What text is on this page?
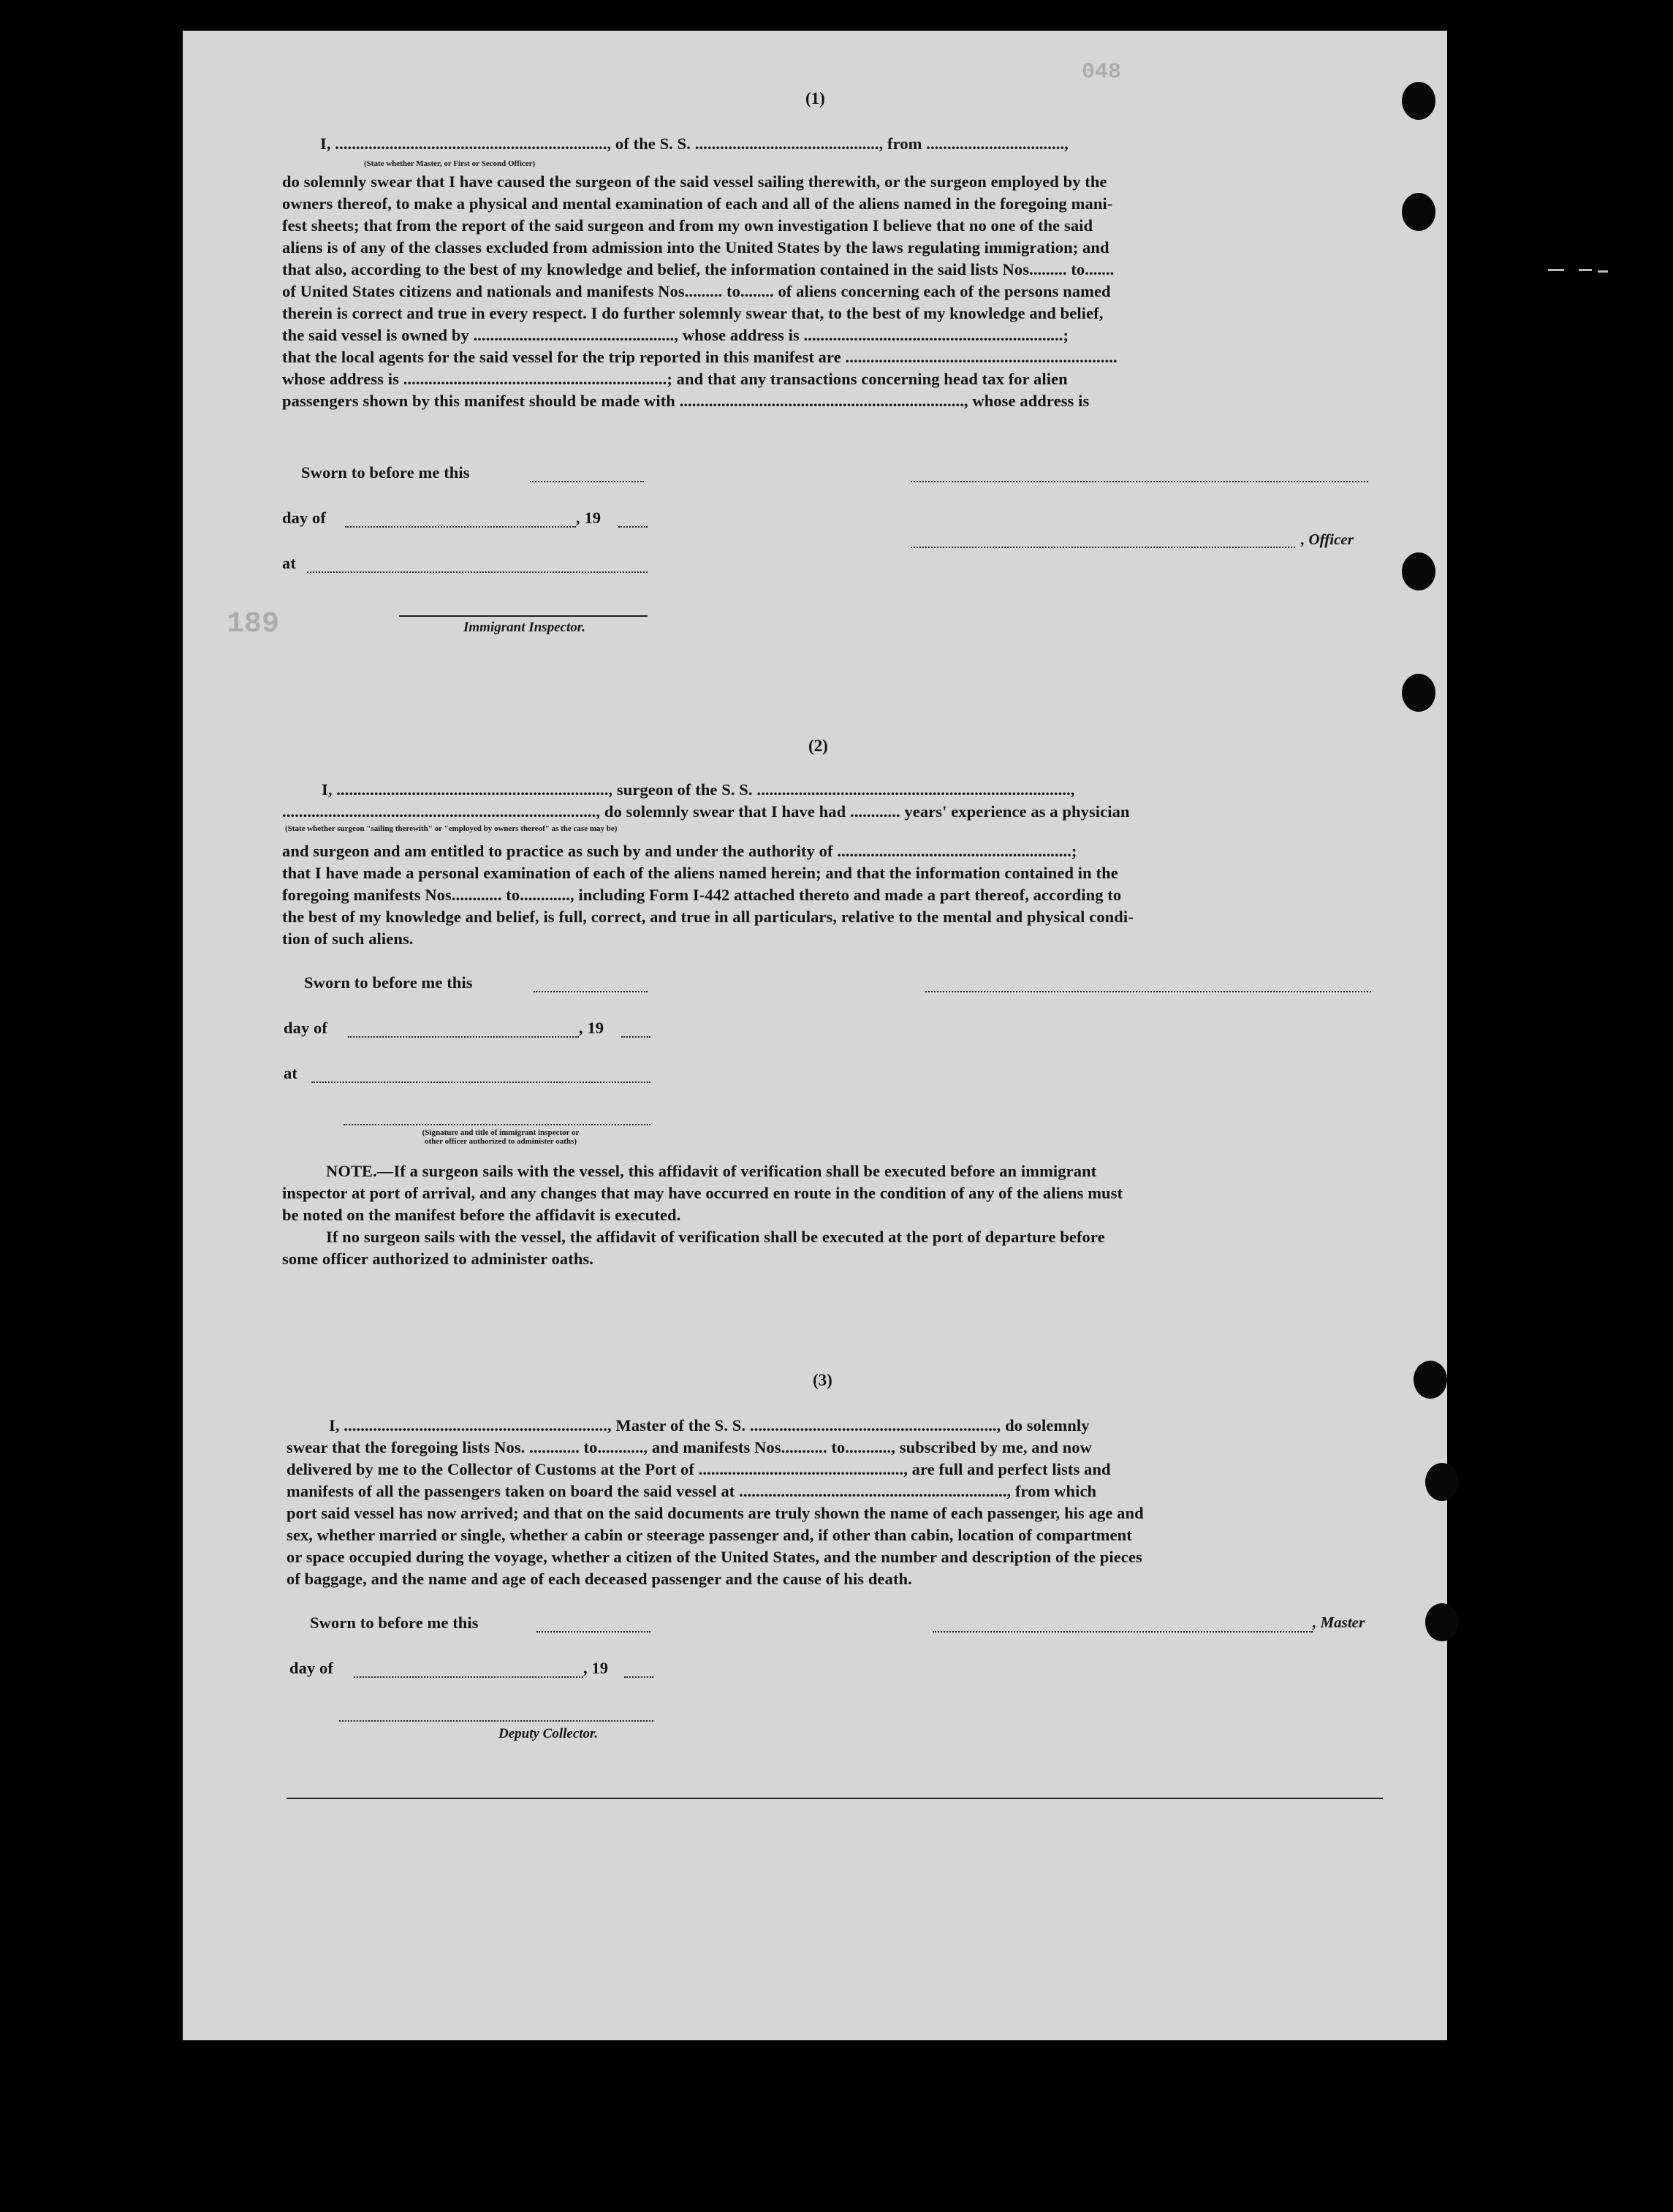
048
189
(1)
I, ................................................................., of the S. S. ............................................, from .................................,
(State whether Master, or First or Second Officer)
do solemnly swear that I have caused the surgeon of the said vessel sailing therewith, or the surgeon employed by the
owners thereof, to make a physical and mental examination of each and all of the aliens named in the foregoing mani-
fest sheets; that from the report of the said surgeon and from my own investigation I believe that no one of the said
aliens is of any of the classes excluded from admission into the United States by the laws regulating immigration; and
that also, according to the best of my knowledge and belief, the information contained in the said lists Nos......... to.......
of United States citizens and nationals and manifests Nos......... to........ of aliens concerning each of the persons named
therein is correct and true in every respect. I do further solemnly swear that, to the best of my knowledge and belief,
the said vessel is owned by ................................................, whose address is ..............................................................;
that the local agents for the said vessel for the trip reported in this manifest are .................................................................
whose address is ...............................................................; and that any transactions concerning head tax for alien
passengers shown by this manifest should be made with ...................................................................., whose address is
Sworn to before me this
day of	, 19
, Officer
at
Immigrant Inspector.
(2)
I, ................................................................., surgeon of the S. S. ...........................................................................,
..........................................................................., do solemnly swear that I have had ............ years' experience as a physician
(State whether surgeon "sailing therewith" or "employed by owners thereof" as the case may be)
and surgeon and am entitled to practice as such by and under the authority of ........................................................;
that I have made a personal examination of each of the aliens named herein; and that the information contained in the
foregoing manifests Nos............ to............, including Form I-442 attached thereto and made a part thereof, according to
the best of my knowledge and belief, is full, correct, and true in all particulars, relative to the mental and physical condi-
tion of such aliens.
Sworn to before me this
day of	, 19
at
(Signature and title of immigrant inspector or
other officer authorized to administer oaths)
NOTE.—If a surgeon sails with the vessel, this affidavit of verification shall be executed before an immigrant
inspector at port of arrival, and any changes that may have occurred en route in the condition of any of the aliens must
be noted on the manifest before the affidavit is executed.
If no surgeon sails with the vessel, the affidavit of verification shall be executed at the port of departure before
some officer authorized to administer oaths.
(3)
I, ..............................................................., Master of the S. S. ..........................................................., do solemnly
swear that the foregoing lists Nos. ............ to..........., and manifests Nos........... to..........., subscribed by me, and now
delivered by me to the Collector of Customs at the Port of ................................................., are full and perfect lists and
manifests of all the passengers taken on board the said vessel at ................................................................, from which
port said vessel has now arrived; and that on the said documents are truly shown the name of each passenger, his age and
sex, whether married or single, whether a cabin or steerage passenger and, if other than cabin, location of compartment
or space occupied during the voyage, whether a citizen of the United States, and the number and description of the pieces
of baggage, and the name and age of each deceased passenger and the cause of his death.
Sworn to before me this	, Master
day of	, 19
Deputy Collector.
